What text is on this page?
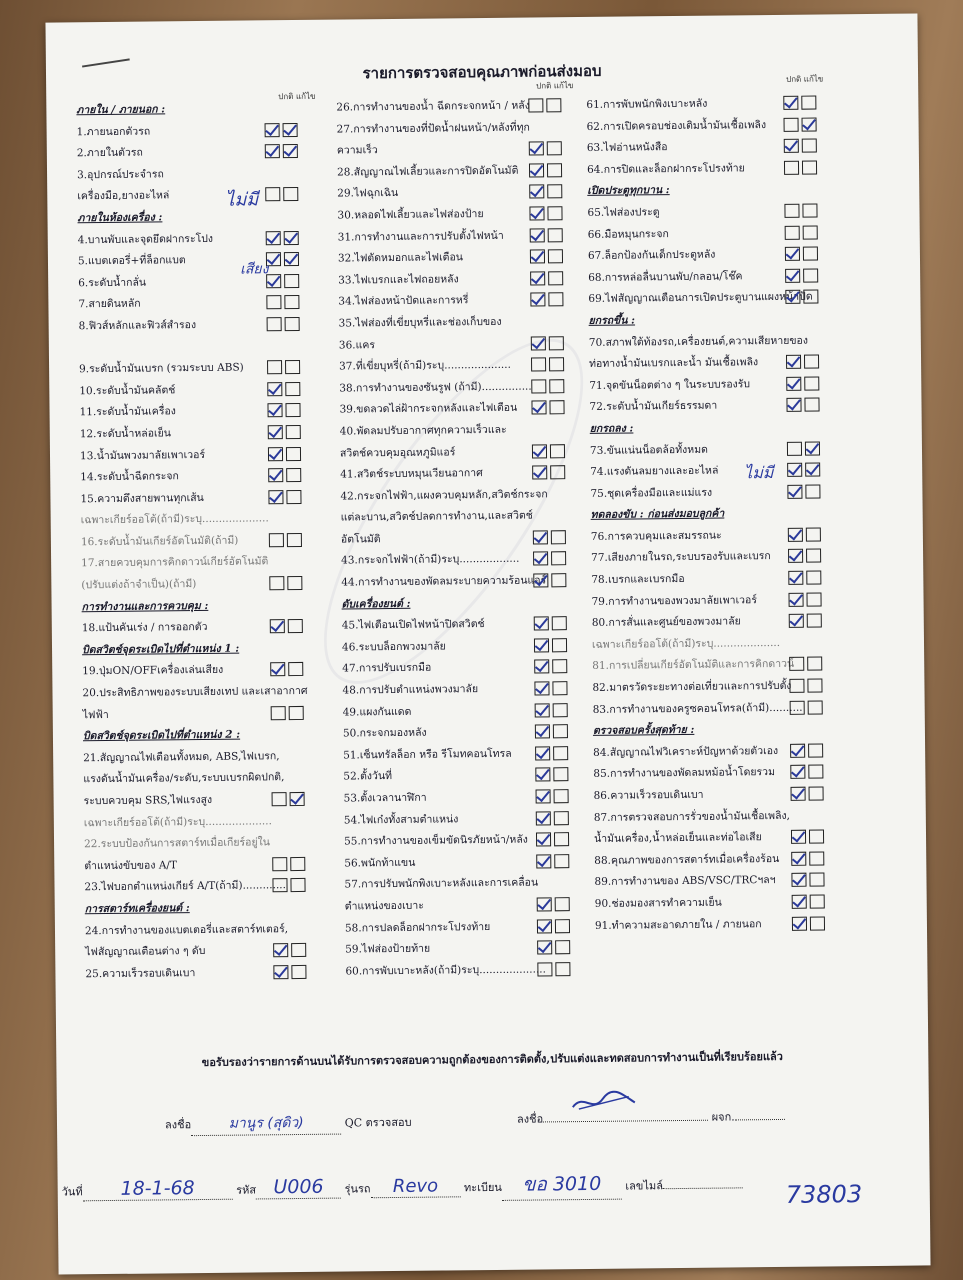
รายการตรวจสอบคุณภาพก่อนส่งมอบ
ปกติ แก้ไข
ปกติ แก้ไข
ปกติ แก้ไข
ภายใน / ภายนอก :
1.ภายนอกตัวรถ
2.ภายในตัวรถ
3.อุปกรณ์ประจำรถ
เครื่องมือ,ยางอะไหล่
ภายในห้องเครื่อง :
4.บานพับและจุดยึดฝากระโปง
5.แบตเตอรี่+ที่ล็อกแบต
6.ระดับน้ำกลั่น
7.สายดินหลัก
8.ฟิวส์หลักและฟิวส์สำรอง
9.ระดับน้ำมันเบรก (รวมระบบ ABS)
10.ระดับน้ำมันคลัตช์
11.ระดับน้ำมันเครื่อง
12.ระดับน้ำหล่อเย็น
13.น้ำมันพวงมาลัยเพาเวอร์
14.ระดับน้ำฉีดกระจก
15.ความตึงสายพานทุกเส้น
เฉพาะเกียร์ออโต้(ถ้ามี)ระบุ....................
16.ระดับน้ำมันเกียร์อัตโนมัติ(ถ้ามี)
17.สายควบคุมการคิกดาวน์เกียร์อัตโนมัติ
(ปรับแต่งถ้าจำเป็น)(ถ้ามี)
การทำงานและการควบคุม :
18.แป้นคันเร่ง / การออกตัว
บิดสวิตช์จุดระเบิดไปที่ตำแหน่ง 1 :
19.ปุ่มON/OFFเครื่องเล่นเสียง
20.ประสิทธิภาพของระบบเสียงเทป และเสาอากาศ
ไฟฟ้า
บิดสวิตช์จุดระเบิดไปที่ตำแหน่ง 2 :
21.สัญญาณไฟเตือนทั้งหมด, ABS,ไฟเบรก,
แรงดันน้ำมันเครื่อง/ระดับ,ระบบเบรกผิดปกติ,
ระบบควบคุม SRS,ไฟแรงสูง
เฉพาะเกียร์ออโต้(ถ้ามี)ระบุ....................
22.ระบบป้องกันการสตาร์ทเมื่อเกียร์อยู่ใน
ตำแหน่งขับของ A/T
23.ไฟบอกตำแหน่งเกียร์ A/T(ถ้ามี).............
การสตาร์ทเครื่องยนต์ :
24.การทำงานของแบตเตอรี่และสตาร์ทเตอร์,
ไฟสัญญาณเตือนต่าง ๆ ดับ
25.ความเร็วรอบเดินเบา
26.การทำงานของน้ำ ฉีดกระจกหน้า / หลัง
27.การทำงานของที่ปัดน้ำฝนหน้า/หลังที่ทุก
ความเร็ว
28.สัญญาณไฟเลี้ยวและการปิดอัตโนมัติ
29.ไฟฉุกเฉิน
30.หลอดไฟเลี้ยวและไฟส่องป้าย
31.การทำงานและการปรับตั้งไฟหน้า
32.ไฟตัดหมอกและไฟเตือน
33.ไฟเบรกและไฟถอยหลัง
34.ไฟส่องหน้าปัดและการหรี่
35.ไฟส่องที่เขี่ยบุหรี่และช่องเก็บของ
36.แคร
37.ที่เขี่ยบุหรี่(ถ้ามี)ระบุ....................
38.การทำงานของซันรูฟ (ถ้ามี)...............
39.ขดลวดไล่ฝ้ากระจกหลังและไฟเตือน
40.พัดลมปรับอากาศทุกความเร็วและ
สวิตช์ควบคุมอุณหภูมิแอร์
41.สวิตช์ระบบหมุนเวียนอากาศ
42.กระจกไฟฟ้า,แผงควบคุมหลัก,สวิตช์กระจก
แต่ละบาน,สวิตช์ปลดการทำงาน,และสวิตช์
อัตโนมัติ
43.กระจกไฟฟ้า(ถ้ามี)ระบุ..................
44.การทำงานของพัดลมระบายความร้อนแอร์
ดับเครื่องยนต์ :
45.ไฟเตือนเปิดไฟหน้าปิดสวิตช์
46.ระบบล็อกพวงมาลัย
47.การปรับเบรกมือ
48.การปรับตำแหน่งพวงมาลัย
49.แผงกันแดด
50.กระจกมองหลัง
51.เซ็นทรัลล็อก หรือ รีโมทคอนโทรล
52.ตั้งวันที่
53.ตั้งเวลานาฬิกา
54.ไฟเก๋งทั้งสามตำแหน่ง
55.การทำงานของเข็มขัดนิรภัยหน้า/หลัง
56.พนักท้าแขน
57.การปรับพนักพิงเบาะหลังและการเคลื่อน
ตำแหน่งของเบาะ
58.การปลดล็อกฝากระโปรงท้าย
59.ไฟส่องป้ายท้าย
60.การพับเบาะหลัง(ถ้ามี)ระบุ....................
61.การพับพนักพิงเบาะหลัง
62.การเปิดครอบช่องเติมน้ำมันเชื้อเพลิง
63.ไฟอ่านหนังสือ
64.การปิดและล็อกฝากระโปรงท้าย
เปิดประตูทุกบาน :
65.ไฟส่องประตู
66.มือหมุนกระจก
67.ล็อกป้องกันเด็กประตูหลัง
68.การหล่อลื่นบานพับ/กลอน/โช๊ค
69.ไฟสัญญาณเตือนการเปิดประตูบานแผงหน้าปัด
ยกรถขึ้น :
70.สภาพใต้ท้องรถ,เครื่องยนต์,ความเสียหายของ
ท่อทางน้ำมันเบรกและน้ำ มันเชื้อเพลิง
71.จุดขันน็อตต่าง ๆ ในระบบรองรับ
72.ระดับน้ำมันเกียร์ธรรมดา
ยกรถลง :
73.ขันแน่นน็อตล้อทั้งหมด
74.แรงดันลมยางและอะไหล่
75.ชุดเครื่องมือและแม่แรง
ทดลองขับ : ก่อนส่งมอบลูกค้า
76.การควบคุมและสมรรถนะ
77.เสียงภายในรถ,ระบบรองรับและเบรก
78.เบรกและเบรกมือ
79.การทำงานของพวงมาลัยเพาเวอร์
80.การสั่นและศูนย์ของพวงมาลัย
เฉพาะเกียร์ออโต้(ถ้ามี)ระบุ....................
81.การเปลี่ยนเกียร์อัตโนมัติและการคิกดาวน์
82.มาตรวัดระยะทางต่อเที่ยวและการปรับตั้ง
83.การทำงานของครูซคอนโทรล(ถ้ามี)..........
ตรวจสอบครั้งสุดท้าย :
84.สัญญาณไฟวิเคราะห์ปัญหาด้วยตัวเอง
85.การทำงานของพัดลมหม้อน้ำโดยรวม
86.ความเร็วรอบเดินเบา
87.การตรวจสอบการรั่วของน้ำมันเชื้อเพลิง,
น้ำมันเครื่อง,น้ำหล่อเย็นและท่อไอเสีย
88.คุณภาพของการสตาร์ทเมื่อเครื่องร้อน
89.การทำงานของ ABS/VSC/TRCฯลฯ
90.ช่องมองสารทำความเย็น
91.ทำความสะอาดภายใน / ภายนอก
ไม่มี
เสียง
ไม่มี
ขอรับรองว่ารายการด้านบนได้รับการตรวจสอบความถูกต้องของการติดตั้ง,ปรับแต่งและทดสอบการทำงานเป็นที่เรียบร้อยแล้ว
ลงชื่อ	มานูร (สุดิว)	QC ตรวจสอบ	ลงชื่อ	ผจก.
วันที่ 18-1-68	รหัส U006 รุ่นรถ Revo ทะเบียน ขอ 3010 เลขไมล์	73803
